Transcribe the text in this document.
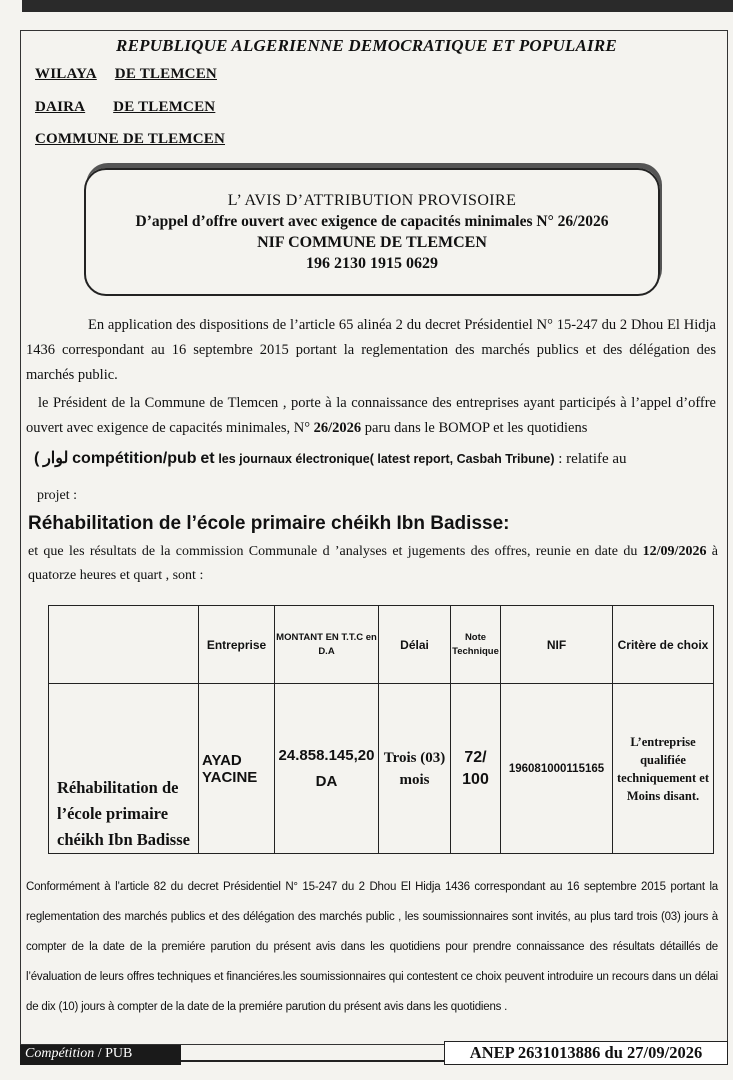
REPUBLIQUE ALGERIENNE DEMOCRATIQUE ET POPULAIRE
WILAYA DE TLEMCEN
DAIRA DE TLEMCEN
COMMUNE DE TLEMCEN
L’ AVIS D’ATTRIBUTION PROVISOIRE
D’appel d’offre ouvert avec exigence de capacités minimales N° 26/2026
NIF COMMUNE DE TLEMCEN
196 2130 1915 0629
En application des dispositions de l’article 65 alinéa 2 du decret Présidentiel N° 15-247 du 2 Dhou El Hidja 1436 correspondant au 16 septembre 2015 portant la reglementation des marchés publics et des délégation des marchés public.
le Président de la Commune de Tlemcen , porte à la connaissance des entreprises ayant participés à l’appel d’offre ouvert avec exigence de capacités minimales, N° 26/2026 paru dans le BOMOP et les quotidiens
( لوار compétition/pub et les journaux électronique( latest report, Casbah Tribune) : relatife au
projet :
Réhabilitation de l’école primaire chéikh Ibn Badisse:
et que les résultats de la commission Communale d ’analyses et jugements des offres, reunie en date du 12/09/2026 à quatorze heures et quart , sont :
	Entreprise	MONTANT EN T.T.C en D.A	Délai	Note Technique	NIF	Critère de choix
Réhabilitation de l’école primaire chéikh Ibn Badisse	AYAD YACINE	24.858.145,20 DA	Trois (03) mois	72/ 100	196081000115165	L’entreprise qualifiée techniquement et Moins disant.
Conformément à l’article 82 du decret Présidentiel N° 15-247 du 2 Dhou El Hidja 1436 correspondant au 16 septembre 2015 portant la reglementation des marchés publics et des délégation des marchés public , les soumissionnaires sont invités, au plus tard trois (03) jours à compter de la date de la premiére parution du présent avis dans les quotidiens pour prendre connaissance des résultats détaillés de l’évaluation de leurs offres techniques et financiéres.les soumissionnaires qui contestent ce choix peuvent introduire un recours dans un délai de dix (10) jours à compter de la date de la premiére parution du présent avis dans les quotidiens .
Compétition / PUB	ANEP 2631013886 du 27/09/2026
